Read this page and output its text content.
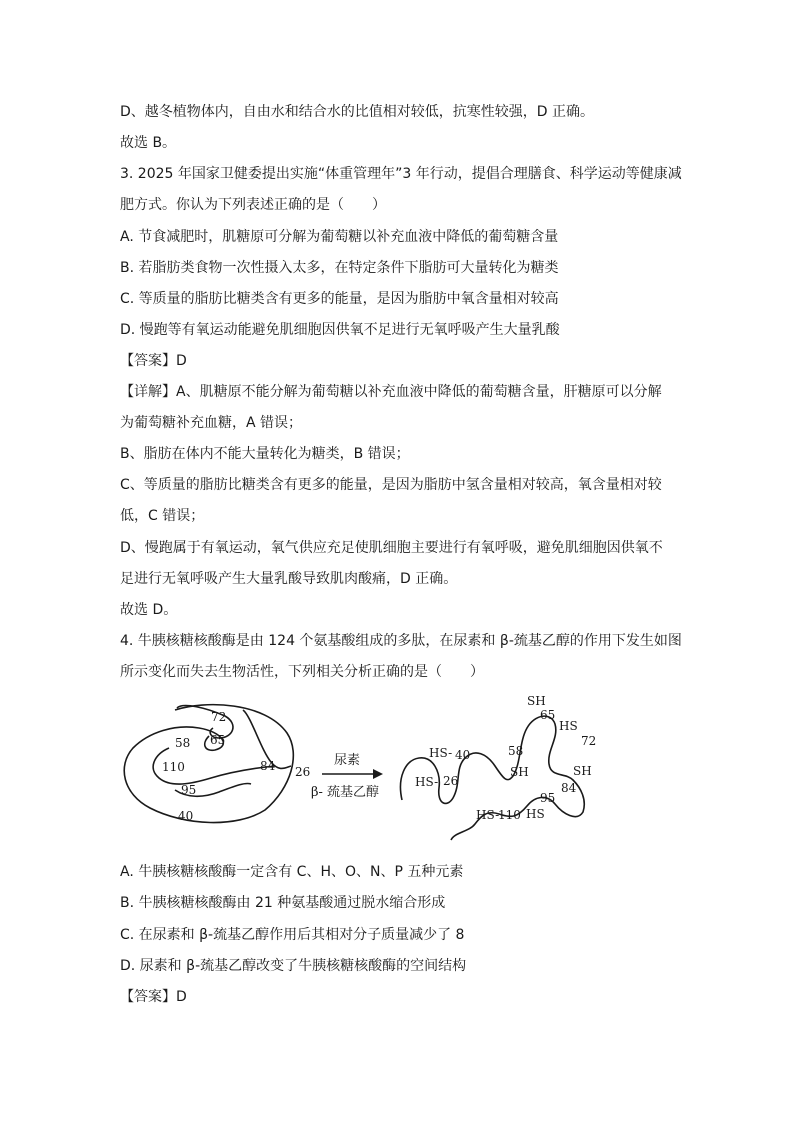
D、越冬植物体内，自由水和结合水的比值相对较低，抗寒性较强，D 正确。
故选 B。
3. 2025 年国家卫健委提出实施“体重管理年”3 年行动，提倡合理膳食、科学运动等健康减
肥方式。你认为下列表述正确的是（　　）
A. 节食减肥时，肌糖原可分解为葡萄糖以补充血液中降低的葡萄糖含量
B. 若脂肪类食物一次性摄入太多，在特定条件下脂肪可大量转化为糖类
C. 等质量的脂肪比糖类含有更多的能量，是因为脂肪中氧含量相对较高
D. 慢跑等有氧运动能避免肌细胞因供氧不足进行无氧呼吸产生大量乳酸
【答案】D
【详解】A、肌糖原不能分解为葡萄糖以补充血液中降低的葡萄糖含量，肝糖原可以分解
为葡萄糖补充血糖，A 错误；
B、脂肪在体内不能大量转化为糖类，B 错误；
C、等质量的脂肪比糖类含有更多的能量，是因为脂肪中氢含量相对较高，氧含量相对较
低，C 错误；
D、慢跑属于有氧运动，氧气供应充足使肌细胞主要进行有氧呼吸，避免肌细胞因供氧不
足进行无氧呼吸产生大量乳酸导致肌肉酸痛，D 正确。
故选 D。
4. 牛胰核糖核酸酶是由 124 个氨基酸组成的多肽，在尿素和 β-巯基乙醇的作用下发生如图
所示变化而失去生物活性，下列相关分析正确的是（　　）
A. 牛胰核糖核酸酶一定含有 C、H、O、N、P 五种元素
B. 牛胰核糖核酸酶由 21 种氨基酸通过脱水缩合形成
C. 在尿素和 β-巯基乙醇作用后其相对分子质量减少了 8
D. 尿素和 β-巯基乙醇改变了牛胰核糖核酸酶的空间结构
【答案】D
72
65
58
110	84 26
95
40
尿素
β- 巯基乙醇
SH
65
HS
72
HS- 40	58
SH
HS- 26
SH
84
95
HS-
110 HS
